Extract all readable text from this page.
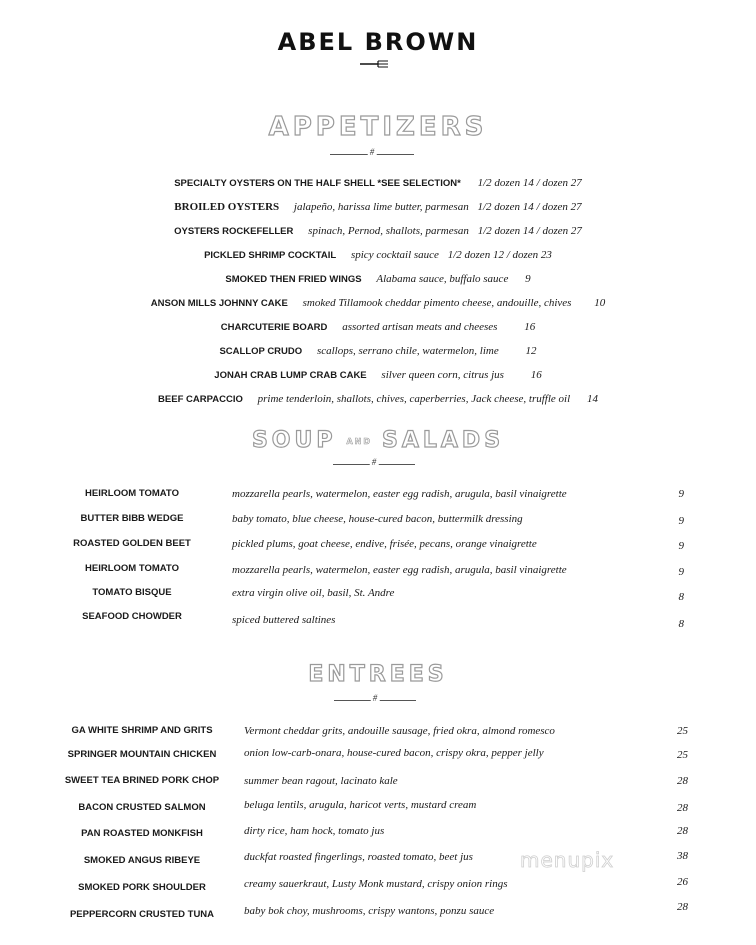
ABEL BROWN
APPETIZERS
#
SPECIALTY OYSTERS ON THE HALF SHELL *SEE SELECTION* 1/2 dozen 14 / dozen 27
BROILED OYSTERS jalapeño, harissa lime butter, parmesan 1/2 dozen 14 / dozen 27
OYSTERS ROCKEFELLER spinach, Pernod, shallots, parmesan 1/2 dozen 14 / dozen 27
PICKLED SHRIMP COCKTAIL spicy cocktail sauce 1/2 dozen 12 / dozen 23
SMOKED THEN FRIED WINGS Alabama sauce, buffalo sauce 9
ANSON MILLS JOHNNY CAKE smoked Tillamook cheddar pimento cheese, andouille, chives 10
CHARCUTERIE BOARD assorted artisan meats and cheeses 16
SCALLOP CRUDO scallops, serrano chile, watermelon, lime 12
JONAH CRAB LUMP CRAB CAKE silver queen corn, citrus jus 16
BEEF CARPACCIO prime tenderloin, shallots, chives, caperberries, Jack cheese, truffle oil 14
SOUP AND SALADS
#
HEIRLOOM TOMATO	mozzarella pearls, watermelon, easter egg radish, arugula, basil vinaigrette	9
BUTTER BIBB WEDGE	baby tomato, blue cheese, house-cured bacon, buttermilk dressing	9
ROASTED GOLDEN BEET	pickled plums, goat cheese, endive, frisée, pecans, orange vinaigrette	9
HEIRLOOM TOMATO	mozzarella pearls, watermelon, easter egg radish, arugula, basil vinaigrette	9
TOMATO BISQUE	extra virgin olive oil, basil, St. Andre	8
SEAFOOD CHOWDER	spiced buttered saltines	8
ENTREES
#
GA WHITE SHRIMP AND GRITS	Vermont cheddar grits, andouille sausage, fried okra, almond romesco	25
SPRINGER MOUNTAIN CHICKEN	onion low-carb-onara, house-cured bacon, crispy okra, pepper jelly	25
SWEET TEA BRINED PORK CHOP summer bean ragout, lacinato kale	28
BACON CRUSTED SALMON	beluga lentils, arugula, haricot verts, mustard cream	28
PAN ROASTED MONKFISH	dirty rice, ham hock, tomato jus	28
SMOKED ANGUS RIBEYE	duckfat roasted fingerlings, roasted tomato, beet jus	38
SMOKED PORK SHOULDER	creamy sauerkraut, Lusty Monk mustard, crispy onion rings	26
PEPPERCORN CRUSTED TUNA	baby bok choy, mushrooms, crispy wantons, ponzu sauce	28
menupix
